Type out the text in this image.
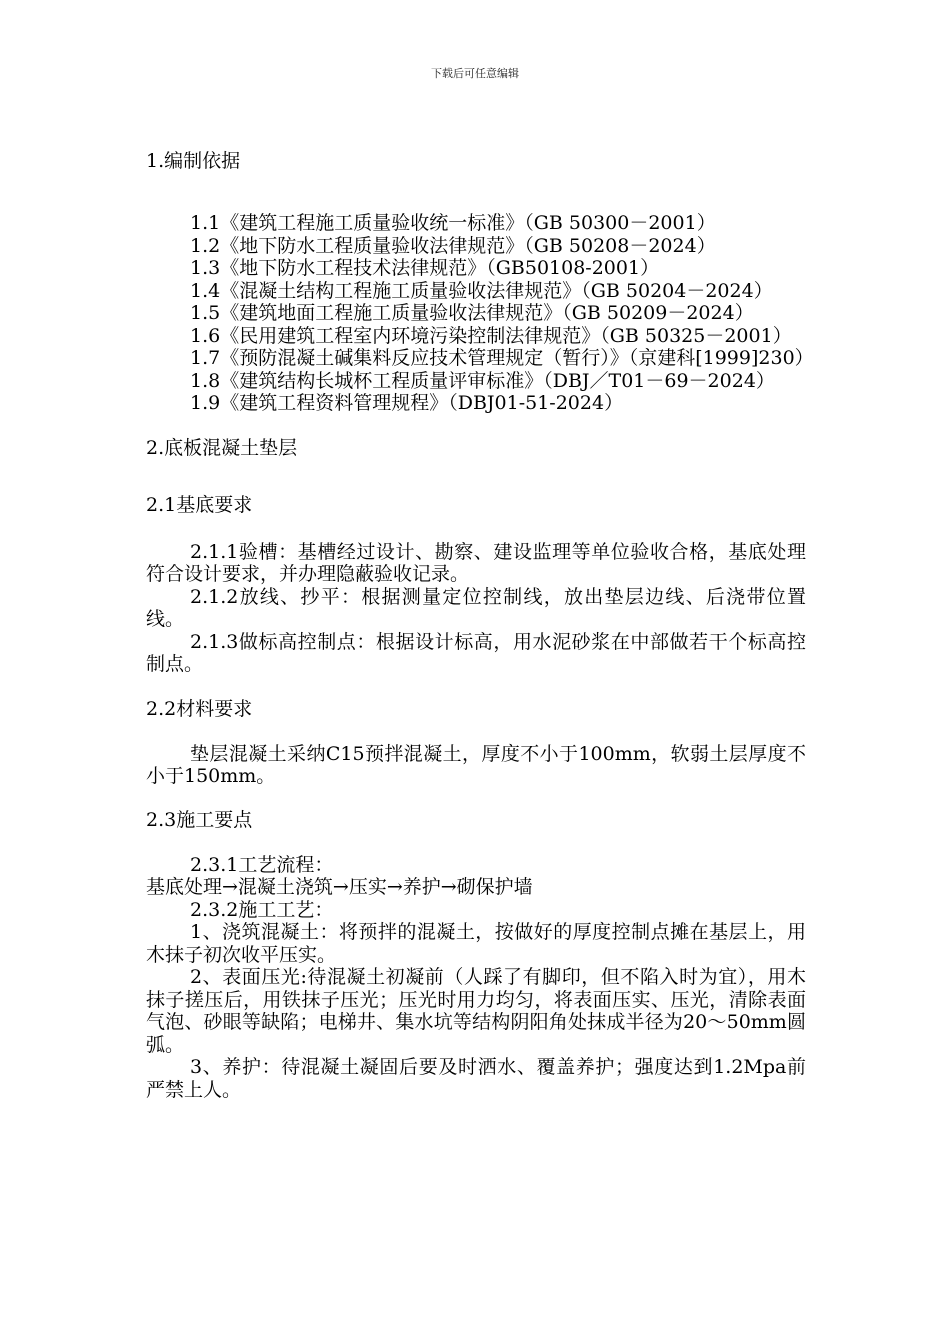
下载后可任意编辑
1.编制依据
1.1《建筑工程施工质量验收统一标准》（GB 50300－2001）
1.2《地下防水工程质量验收法律规范》（GB 50208－2024）
1.3《地下防水工程技术法律规范》（GB50108-2001）
1.4《混凝土结构工程施工质量验收法律规范》（GB 50204－2024）
1.5《建筑地面工程施工质量验收法律规范》（GB 50209－2024）
1.6《民用建筑工程室内环境污染控制法律规范》（GB 50325－2001）
1.7《预防混凝土碱集料反应技术管理规定（暂行）》（京建科[1999]230）
1.8《建筑结构长城杯工程质量评审标准》（DBJ／T01－69－2024）
1.9《建筑工程资料管理规程》（DBJ01-51-2024）
2.底板混凝土垫层
2.1基底要求
2.1.1验槽：基槽经过设计、勘察、建设监理等单位验收合格，基底处理符合设计要求，并办理隐蔽验收记录。
2.1.2放线、抄平：根据测量定位控制线，放出垫层边线、后浇带位置线。
2.1.3做标高控制点：根据设计标高，用水泥砂浆在中部做若干个标高控制点。
2.2材料要求
垫层混凝土采纳C15预拌混凝土，厚度不小于100mm，软弱土层厚度不小于150mm。
2.3施工要点
2.3.1工艺流程：
基底处理→混凝土浇筑→压实→养护→砌保护墙
2.3.2施工工艺：
1、浇筑混凝土：将预拌的混凝土，按做好的厚度控制点摊在基层上，用木抹子初次收平压实。
2、表面压光:待混凝土初凝前（人踩了有脚印，但不陷入时为宜），用木抹子搓压后，用铁抹子压光；压光时用力均匀，将表面压实、压光，清除表面气泡、砂眼等缺陷；电梯井、集水坑等结构阴阳角处抹成半径为20～50mm圆弧。
3、养护：待混凝土凝固后要及时洒水、覆盖养护；强度达到1.2Mpa前严禁上人。
